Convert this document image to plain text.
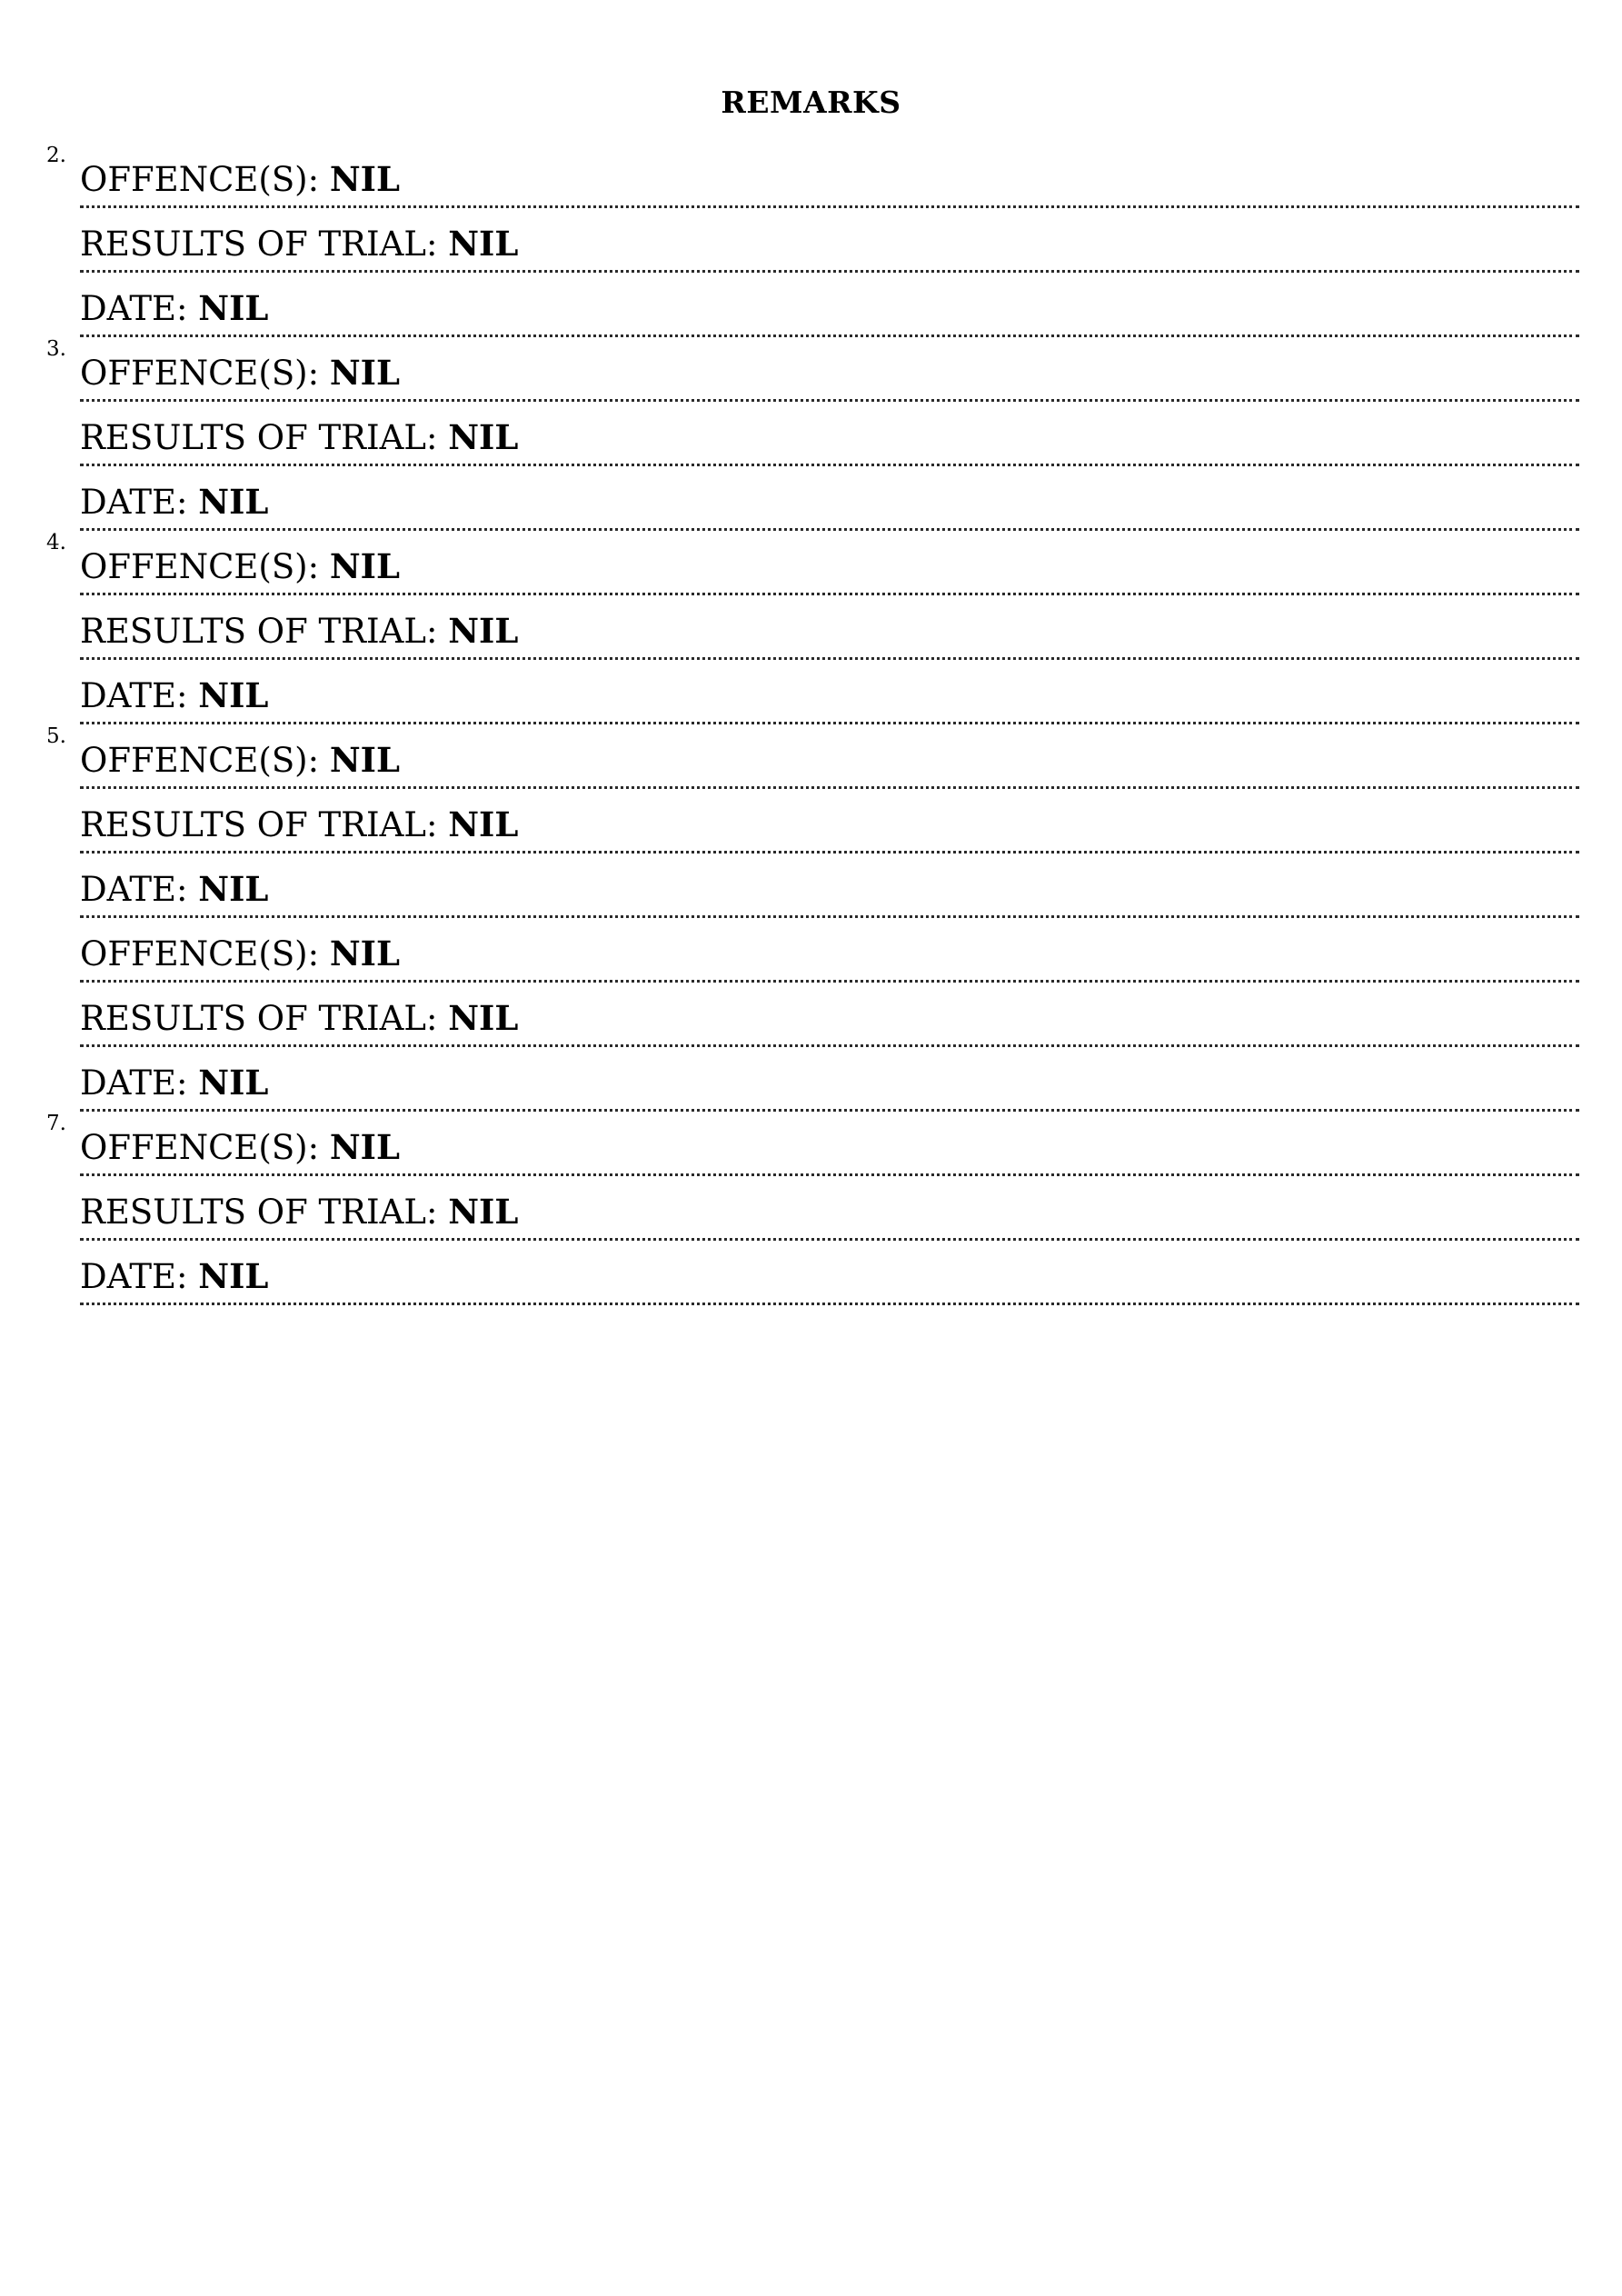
REMARKS
2.
OFFENCE(S): NIL
RESULTS OF TRIAL: NIL
DATE: NIL
3.
OFFENCE(S): NIL
RESULTS OF TRIAL: NIL
DATE: NIL
4.
OFFENCE(S): NIL
RESULTS OF TRIAL: NIL
DATE: NIL
5.
OFFENCE(S): NIL
RESULTS OF TRIAL: NIL
DATE: NIL
OFFENCE(S): NIL
RESULTS OF TRIAL: NIL
DATE: NIL
7.
OFFENCE(S): NIL
RESULTS OF TRIAL: NIL
DATE: NIL
